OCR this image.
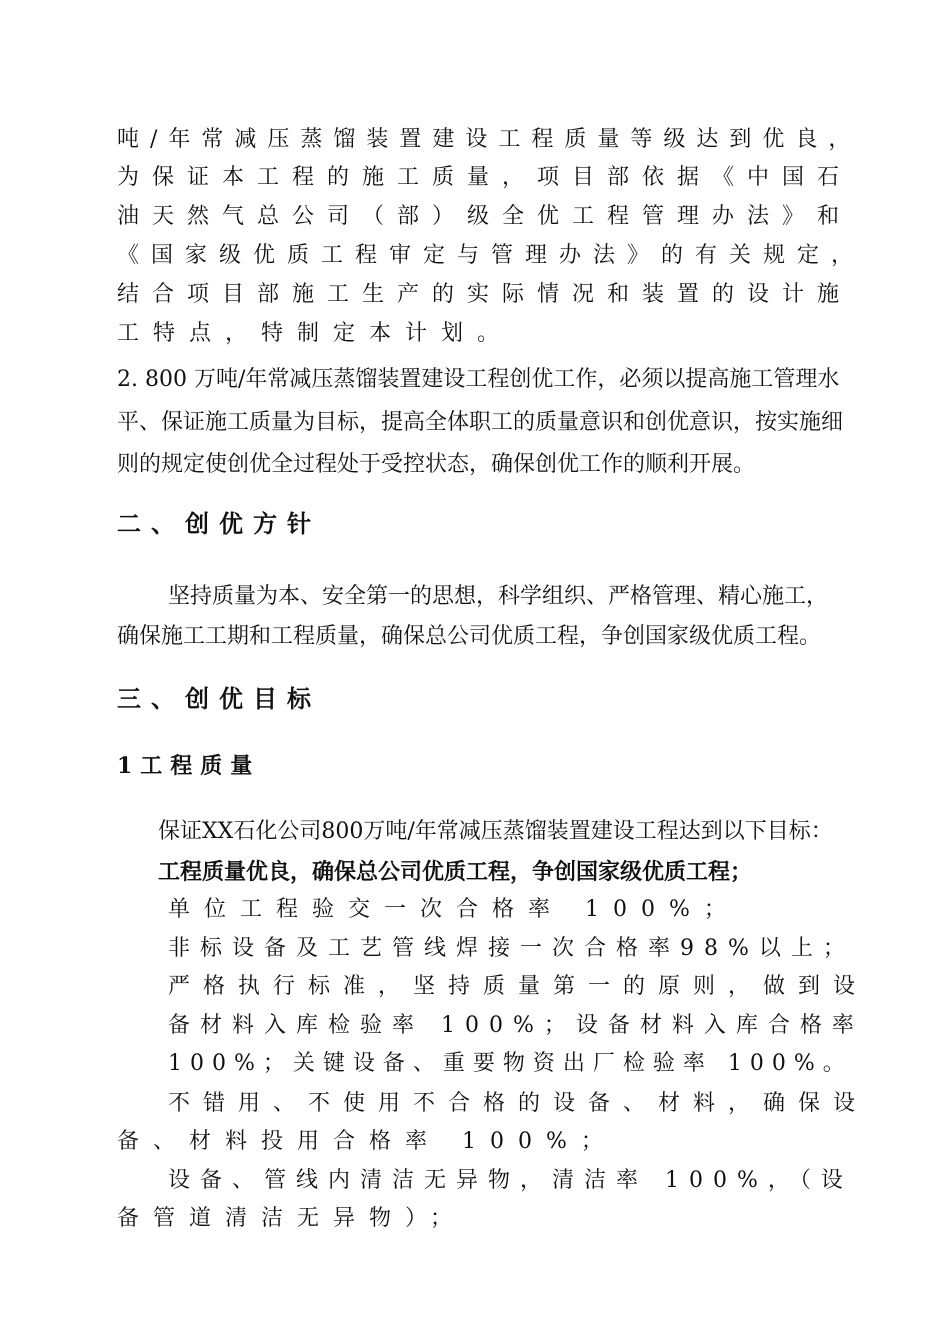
吨/年常减压蒸馏装置建设工程质量等级达到优良，

为保证本工程的施工质量，项目部依据《中国石

油天然气总公司（部）级全优工程管理办法》和

《国家级优质工程审定与管理办法》的有关规定，

结合项目部施工生产的实际情况和装置的设计施

工特点，特制定本计划。

2. 800 万吨/年常减压蒸馏装置建设工程创优工作，必须以提高施工管理水

平、保证施工质量为目标，提高全体职工的质量意识和创优意识，按实施细

则的规定使创优全过程处于受控状态，确保创优工作的顺利开展。

二、创优方针

坚持质量为本、安全第一的思想，科学组织、严格管理、精心施工，

确保施工工期和工程质量，确保总公司优质工程，争创国家级优质工程。

三、创优目标
1工程质量

保证XX石化公司800万吨/年常减压蒸馏装置建设工程达到以下目标：

工程质量优良，确保总公司优质工程，争创国家级优质工程；

单位工程验交一次合格率 100%；

非标设备及工艺管线焊接一次合格率98%以上；

严格执行标准，坚持质量第一的原则，做到设

备材料入库检验率 100%；设备材料入库合格率

100%；关键设备、重要物资出厂检验率 100%。

不错用、不使用不合格的设备、材料，确保设

备、材料投用合格率 100%；

设备、管线内清洁无异物，清洁率 100%，（设

备管道清洁无异物）；
